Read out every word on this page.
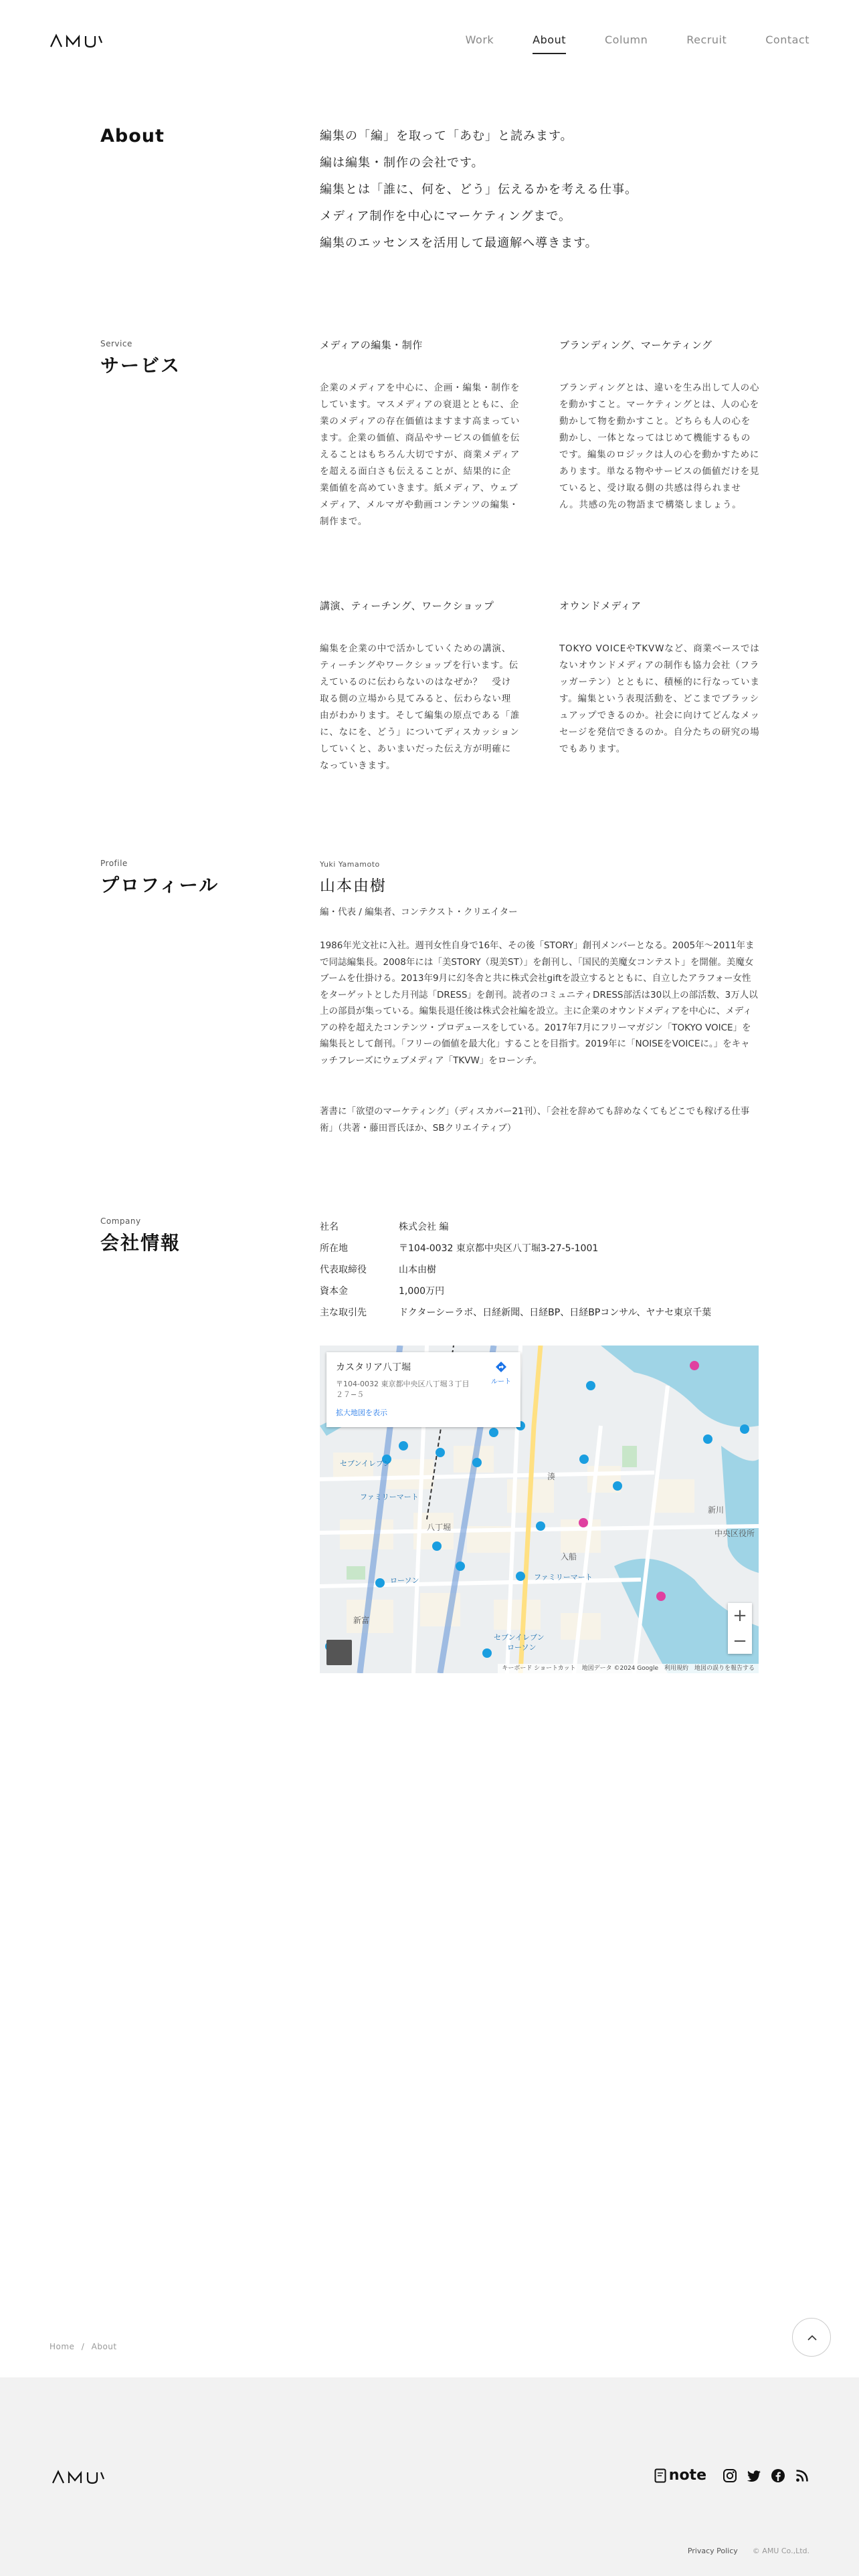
Work	About	Column	Recruit	Contact
About	編集の「編」を取って「あむ」と読みます。

編は編集・制作の会社です。

編集とは「誰に、何を、どう」伝えるかを考える仕事。

メディア制作を中心にマーケティングまで。

編集のエッセンスを活用して最適解へ導きます。

Service
サービス
メディアの編集・制作

企業のメディアを中心に、企画・編集・制作をしています。マスメディアの衰退とともに、企業のメディアの存在価値はますます高まっています。企業の価値、商品やサービスの価値を伝えることはもちろん大切ですが、商業メディアを超える面白さも伝えることが、結果的に企業価値を高めていきます。紙メディア、ウェブメディア、メルマガや動画コンテンツの編集・制作まで。

ブランディング、マーケティング

ブランディングとは、違いを生み出して人の心を動かすこと。マーケティングとは、人の心を動かして物を動かすこと。どちらも人の心を動かし、一体となってはじめて機能するものです。編集のロジックは人の心を動かすためにあります。単なる物やサービスの価値だけを見ていると、受け取る側の共感は得られません。共感の先の物語まで構築しましょう。

講演、ティーチング、ワークショップ

編集を企業の中で活かしていくための講演、ティーチングやワークショップを行います。伝えているのに伝わらないのはなぜか？　受け取る側の立場から見てみると、伝わらない理由がわかります。そして編集の原点である「誰に、なにを、どう」についてディスカッションしていくと、あいまいだった伝え方が明確になっていきます。

オウンドメディア

TOKYO VOICEやTKVWなど、商業ベースではないオウンドメディアの制作も協力会社（フラッガーテン）とともに、積極的に行なっています。編集という表現活動を、どこまでブラッシュアップできるのか。社会に向けてどんなメッセージを発信できるのか。自分たちの研究の場でもあります。

Profile
プロフィール
Yuki Yamamoto
山本由樹
編・代表 / 編集者、コンテクスト・クリエイター

1986年光文社に入社。週刊女性自身で16年、その後「STORY」創刊メンバーとなる。2005年〜2011年まで同誌編集長。2008年には「美STORY（現美ST）」を創刊し、「国民的美魔女コンテスト」を開催。美魔女ブームを仕掛ける。2013年9月に幻冬舎と共に株式会社giftを設立するとともに、自立したアラフォー女性をターゲットとした月刊誌「DRESS」を創刊。読者のコミュニティDRESS部活は30以上の部活数、3万人以上の部員が集っている。編集長退任後は株式会社編を設立。主に企業のオウンドメディアを中心に、メディアの枠を超えたコンテンツ・プロデュースをしている。2017年7月にフリーマガジン「TOKYO VOICE」を編集長として創刊。「フリーの価値を最大化」することを目指す。2019年に「NOISEをVOICEに。」をキャッチフレーズにウェブメディア「TKVW」をローンチ。

著書に「欲望のマーケティング」（ディスカバー21刊）、「会社を辞めても辞めなくてもどこでも稼げる仕事術」（共著・藤田晋氏ほか、SBクリエイティブ）

Company
会社情報
社名	株式会社 編
所在地	〒104-0032 東京都中央区八丁堀3-27-5-1001
代表取締役	山本由樹
資本金	1,000万円
主な取引先	ドクターシーラボ、日経新聞、日経BP、日経BPコンサル、ヤナセ東京千葉
八丁堀
新富
入船
湊
新川
中央区役所
セブンイレブン
ファミリーマート
ローソン
セブンイレブン
ファミリーマート
ローソン
カスタリア八丁堀
〒104-0032 東京都中央区八丁堀３丁目２７−５
拡大地図を表示
ルート
+
−
キーボード ショートカット　地図データ ©2024 Google　利用規約　地図の誤りを報告する
Home / About
note
Privacy Policy © AMU Co.,Ltd.
